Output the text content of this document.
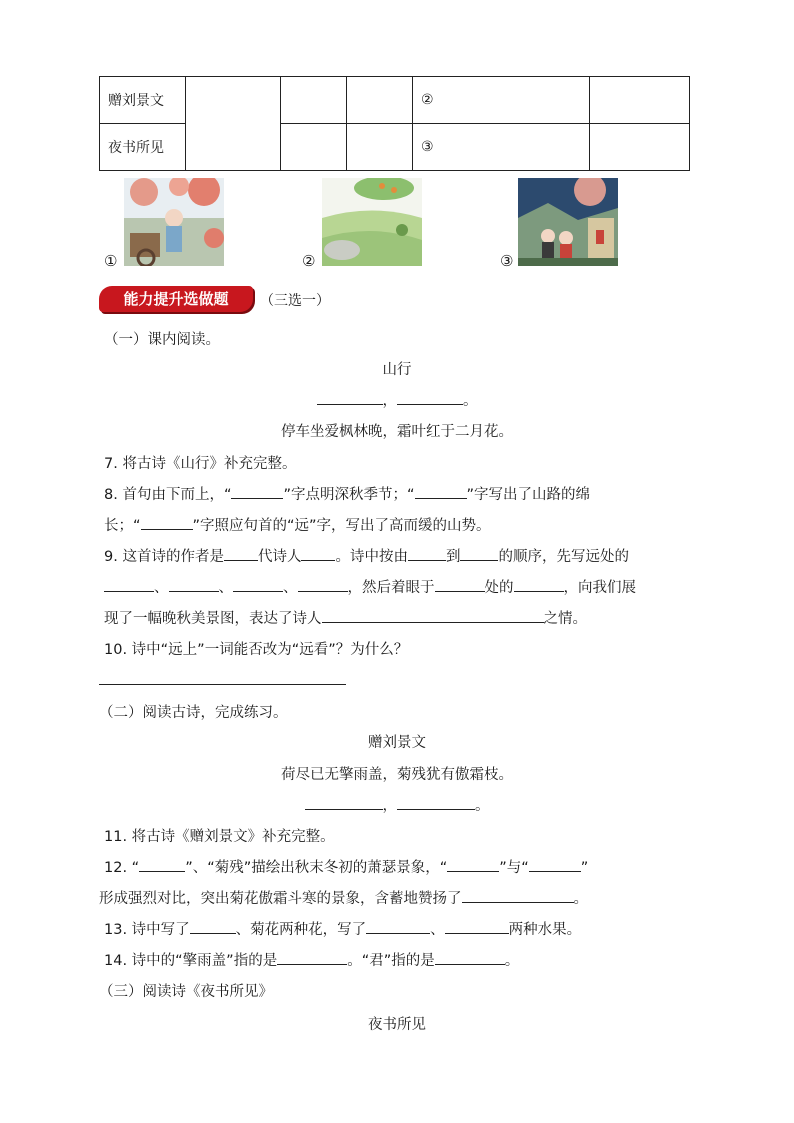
赠刘景文				②	
夜书所见				③	
①	②	③
能力提升选做题	（三选一）
（一）课内阅读。
山行
，	。
停车坐爱枫林晚，霜叶红于二月花。
7. 将古诗《山行》补充完整。
8. 首句由下而上，“	”字点明深秋季节；“	”字写出了山路的绵
长；“	”字照应句首的“远”字，写出了高而缓的山势。
9. 这首诗的作者是 代诗人 。诗中按由	到	的顺序，先写远处的
、	、	、	，然后着眼于	处的	，向我们展
现了一幅晚秋美景图，表达了诗人	之情。
10. 诗中“远上”一词能否改为“远看”？为什么？
（二）阅读古诗，完成练习。
赠刘景文
荷尽已无擎雨盖，菊残犹有傲霜枝。
，	。
11. 将古诗《赠刘景文》补充完整。
12. “	”、“菊残”描绘出秋末冬初的萧瑟景象，“	”与“	”
形成强烈对比，突出菊花傲霜斗寒的景象，含蓄地赞扬了	。
13. 诗中写了	、菊花两种花，写了	、	两种水果。
14. 诗中的“擎雨盖”指的是	。“君”指的是	。
（三）阅读诗《夜书所见》
夜书所见
